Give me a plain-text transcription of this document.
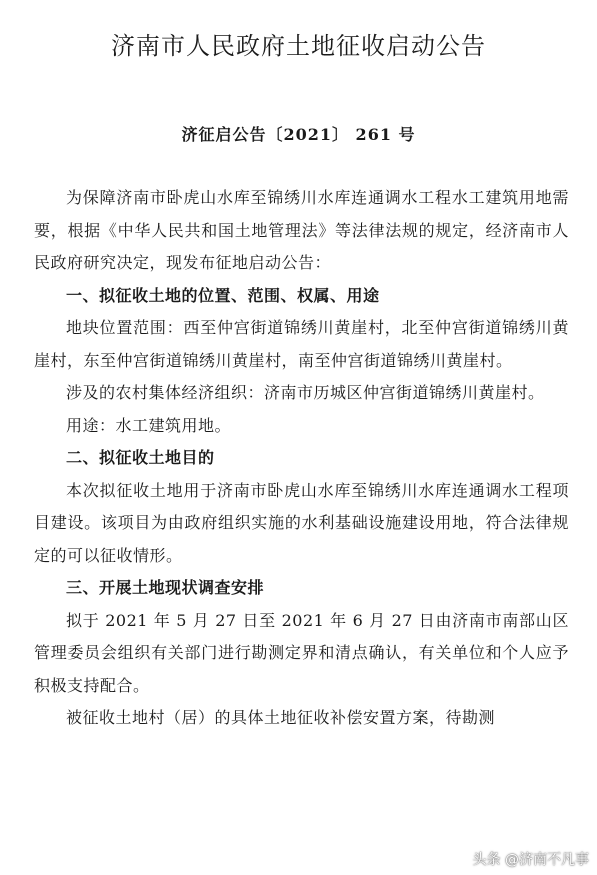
济南市人民政府土地征收启动公告
济征启公告〔2021〕 261 号

为保障济南市卧虎山水库至锦绣川水库连通调水工程水工建筑用地需要，根据《中华人民共和国土地管理法》等法律法规的规定，经济南市人民政府研究决定，现发布征地启动公告：

一、拟征收土地的位置、范围、权属、用途

地块位置范围：西至仲宫街道锦绣川黄崖村，北至仲宫街道锦绣川黄崖村，东至仲宫街道锦绣川黄崖村，南至仲宫街道锦绣川黄崖村。

涉及的农村集体经济组织：济南市历城区仲宫街道锦绣川黄崖村。

用途：水工建筑用地。

二、拟征收土地目的

本次拟征收土地用于济南市卧虎山水库至锦绣川水库连通调水工程项目建设。该项目为由政府组织实施的水利基础设施建设用地，符合法律规定的可以征收情形。

三、开展土地现状调查安排

拟于 2021 年 5 月 27 日至 2021 年 6 月 27 日由济南市南部山区管理委员会组织有关部门进行勘测定界和清点确认，有关单位和个人应予积极支持配合。

被征收土地村（居）的具体土地征收补偿安置方案，待勘测

头条 @济南不凡事
